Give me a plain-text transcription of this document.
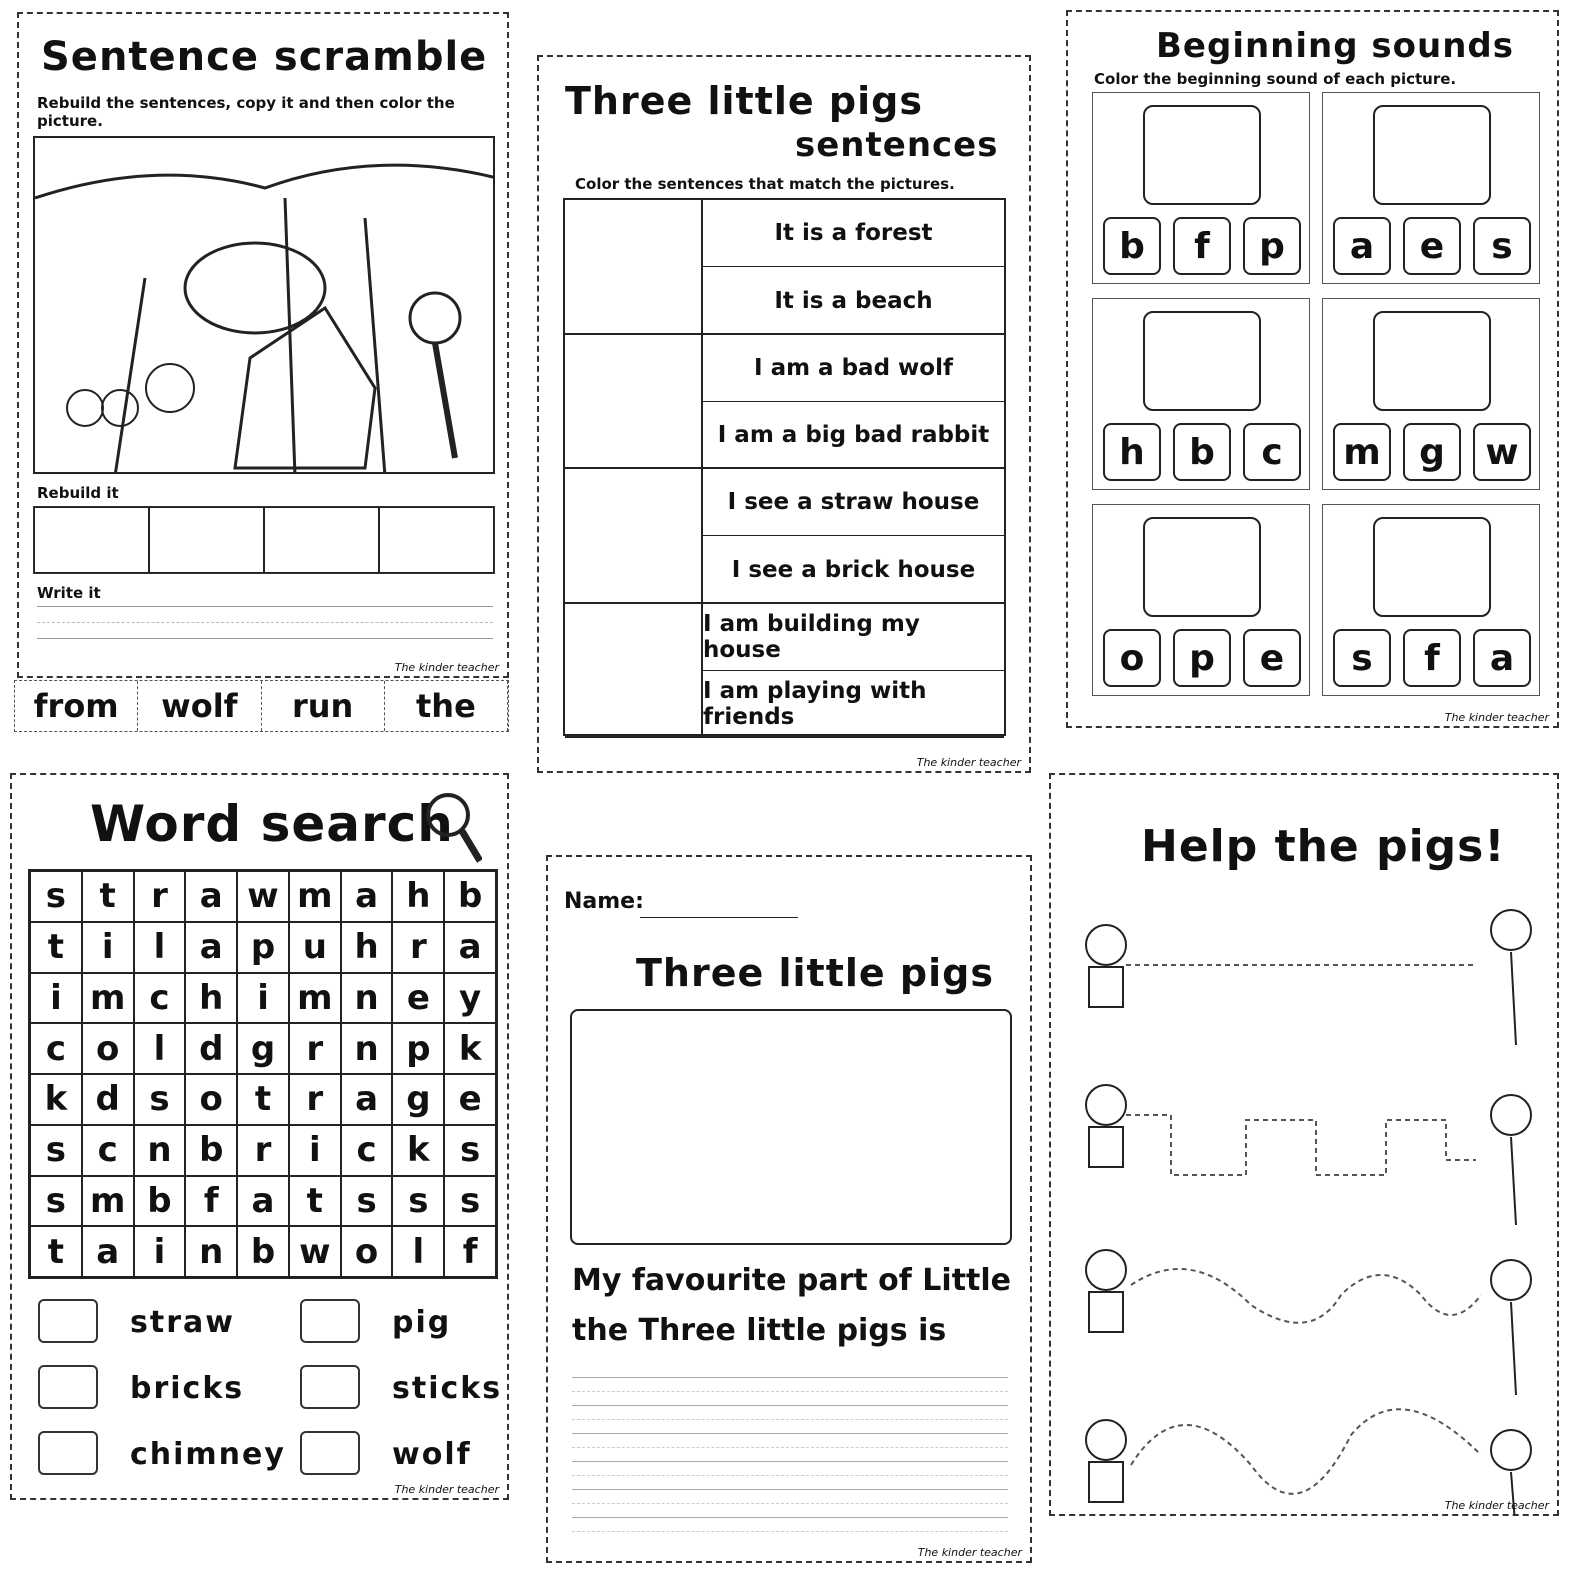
Sentence scramble
Rebuild the sentences, copy it and then color the picture.
Rebuild it
Write it
The kinder teacher
from	wolf	run	the
Three little pigs
sentences
Color the sentences that match the pictures.
It is a forest
It is a beach
I am a bad wolf
I am a big bad rabbit
I see a straw house
I see a brick house
I am building my house
I am playing with friends
The kinder teacher
Beginning sounds
Color the beginning sound of each picture.
b	f	p	a	e	s
h	b	c	m	g	w
o	p	e	s	f	a
The kinder teacher
Word search
s t	r a w m a h b
t	i	l	a p u h r a
i m c h i m n e y
c o	l d g r n p k
k d s o t	r a g e
s c n b r	i	c k s
s m b f a t s s s
t a	i n b w o	l	f
straw	pig
bricks	sticks
chimney	wolf
The kinder teacher
Name:
Three little pigs
My favourite part of Little
the Three little pigs is
The kinder teacher
Help the pigs!
The kinder teacher
